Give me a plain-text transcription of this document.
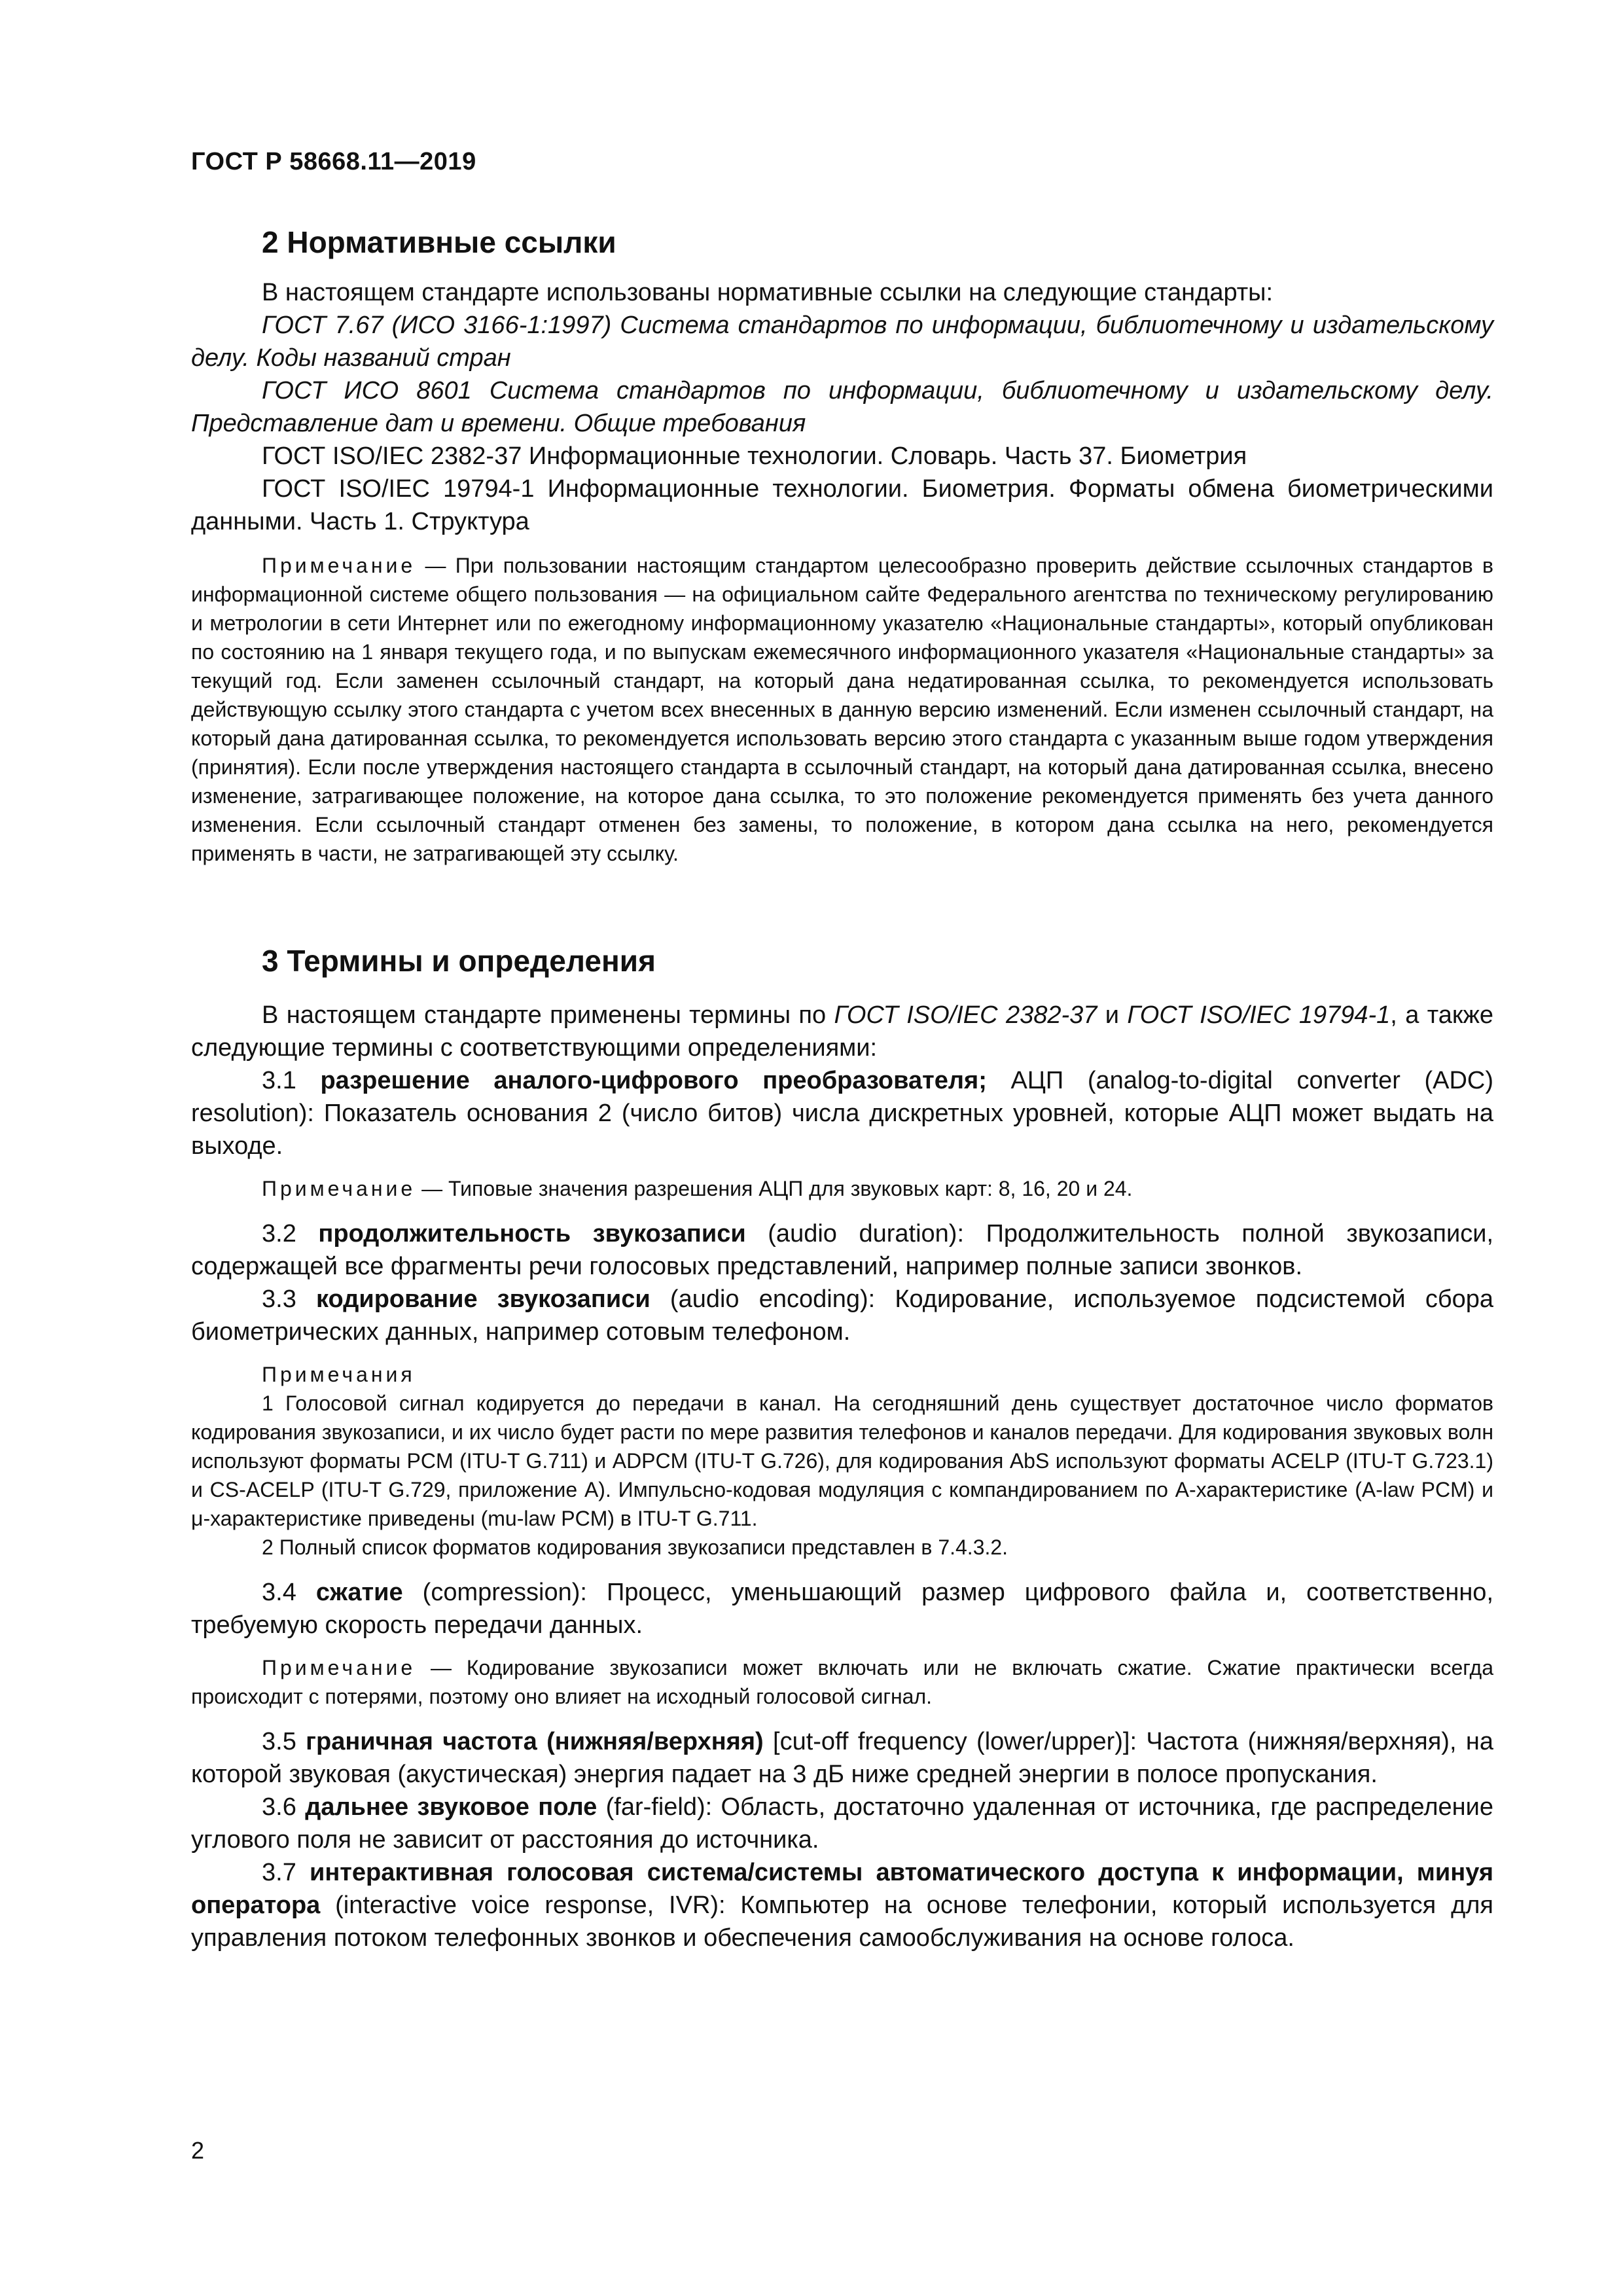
ГОСТ Р 58668.11—2019
2 Нормативные ссылки

В настоящем стандарте использованы нормативные ссылки на следующие стандарты:

ГОСТ 7.67 (ИСО 3166-1:1997) Система стандартов по информации, библиотечному и издательскому делу. Коды названий стран

ГОСТ ИСО 8601 Система стандартов по информации, библиотечному и издательскому делу. Представление дат и времени. Общие требования

ГОСТ ISO/IEC 2382-37 Информационные технологии. Словарь. Часть 37. Биометрия

ГОСТ ISO/IEC 19794-1 Информационные технологии. Биометрия. Форматы обмена биометрическими данными. Часть 1. Структура

Примечание — При пользовании настоящим стандартом целесообразно проверить действие ссылочных стандартов в информационной системе общего пользования — на официальном сайте Федерального агентства по техническому регулированию и метрологии в сети Интернет или по ежегодному информационному указателю «Национальные стандарты», который опубликован по состоянию на 1 января текущего года, и по выпускам ежемесячного информационного указателя «Национальные стандарты» за текущий год. Если заменен ссылочный стандарт, на который дана недатированная ссылка, то рекомендуется использовать действующую ссылку этого стандарта с учетом всех внесенных в данную версию изменений. Если изменен ссылочный стандарт, на который дана датированная ссылка, то рекомендуется использовать версию этого стандарта с указанным выше годом утверждения (принятия). Если после утверждения настоящего стандарта в ссылочный стандарт, на который дана датированная ссылка, внесено изменение, затрагивающее положение, на которое дана ссылка, то это положение рекомендуется применять без учета данного изменения. Если ссылочный стандарт отменен без замены, то положение, в котором дана ссылка на него, рекомендуется применять в части, не затрагивающей эту ссылку.

3 Термины и определения

В настоящем стандарте применены термины по ГОСТ ISO/IEC 2382-37 и ГОСТ ISO/IEC 19794-1, а также следующие термины с соответствующими определениями:

3.1 разрешение аналого-цифрового преобразователя; АЦП (analog-to-digital converter (ADC) resolution): Показатель основания 2 (число битов) числа дискретных уровней, которые АЦП может выдать на выходе.

Примечание — Типовые значения разрешения АЦП для звуковых карт: 8, 16, 20 и 24.

3.2 продолжительность звукозаписи (audio duration): Продолжительность полной звукозаписи, содержащей все фрагменты речи голосовых представлений, например полные записи звонков.

3.3 кодирование звукозаписи (audio encoding): Кодирование, используемое подсистемой сбора биометрических данных, например сотовым телефоном.

Примечания

1 Голосовой сигнал кодируется до передачи в канал. На сегодняшний день существует достаточное число форматов кодирования звукозаписи, и их число будет расти по мере развития телефонов и каналов передачи. Для кодирования звуковых волн используют форматы PCM (ITU-T G.711) и ADPCM (ITU-T G.726), для кодирования AbS используют форматы ACELP (ITU-T G.723.1) и CS-ACELP (ITU-T G.729, приложение A). Импульсно-кодовая модуляция с компандированием по A-характеристике (A-law PCM) и μ-характеристике приведены (mu-law PCM) в ITU-T G.711.

2 Полный список форматов кодирования звукозаписи представлен в 7.4.3.2.

3.4 сжатие (compression): Процесс, уменьшающий размер цифрового файла и, соответственно, требуемую скорость передачи данных.

Примечание — Кодирование звукозаписи может включать или не включать сжатие. Сжатие практически всегда происходит с потерями, поэтому оно влияет на исходный голосовой сигнал.

3.5 граничная частота (нижняя/верхняя) [cut-off frequency (lower/upper)]: Частота (нижняя/верхняя), на которой звуковая (акустическая) энергия падает на 3 дБ ниже средней энергии в полосе пропускания.

3.6 дальнее звуковое поле (far-field): Область, достаточно удаленная от источника, где распределение углового поля не зависит от расстояния до источника.

3.7 интерактивная голосовая система/системы автоматического доступа к информации, минуя оператора (interactive voice response, IVR): Компьютер на основе телефонии, который используется для управления потоком телефонных звонков и обеспечения самообслуживания на основе голоса.

2
